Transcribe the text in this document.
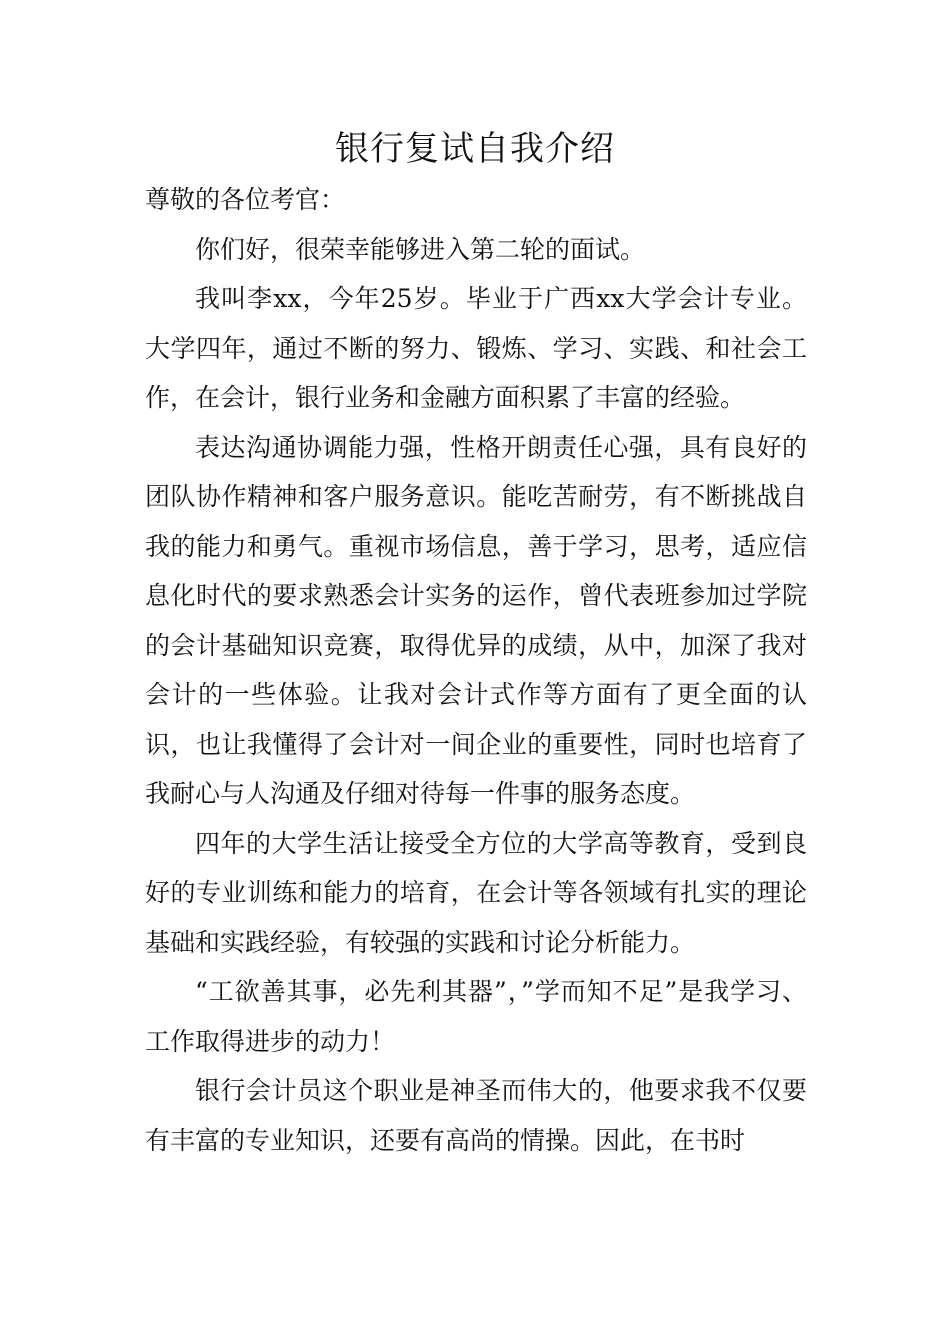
银行复试自我介绍

尊敬的各位考官：

你们好，很荣幸能够进入第二轮的面试。

我叫李xx，今年25岁。毕业于广西xx大学会计专业。大学四年，通过不断的努力、锻炼、学习、实践、和社会工作，在会计，银行业务和金融方面积累了丰富的经验。

表达沟通协调能力强，性格开朗责任心强，具有良好的团队协作精神和客户服务意识。能吃苦耐劳，有不断挑战自我的能力和勇气。重视市场信息，善于学习，思考，适应信息化时代的要求熟悉会计实务的运作，曾代表班参加过学院的会计基础知识竞赛，取得优异的成绩，从中，加深了我对会计的一些体验。让我对会计式作等方面有了更全面的认识，也让我懂得了会计对一间企业的重要性，同时也培育了我耐心与人沟通及仔细对待每一件事的服务态度。

四年的大学生活让接受全方位的大学高等教育，受到良好的专业训练和能力的培育，在会计等各领域有扎实的理论基础和实践经验，有较强的实践和讨论分析能力。

“工欲善其事，必先利其器”，”学而知不足”是我学习、工作取得进步的动力！

银行会计员这个职业是神圣而伟大的，他要求我不仅要有丰富的专业知识，还要有高尚的情操。因此，在书时
